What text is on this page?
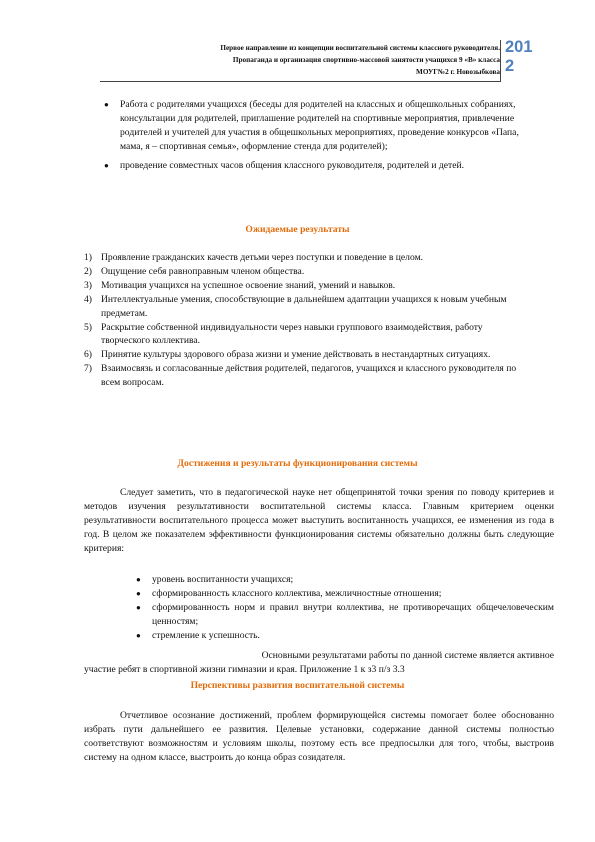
Первое направление из концепции воспитательной системы классного руководителя.
Пропаганда и организация спортивно-массовой занятости учащихся 9 «В» класса
МОУГ№2 г. Новозыбкова
201
2
● Работа с родителями учащихся (беседы для родителей на классных и общешкольных собраниях, консультации для родителей, приглашение родителей на спортивные мероприятия, привлечение родителей и учителей для участия в общешкольных мероприятиях, проведение конкурсов «Папа, мама, я – спортивная семья», оформление стенда для родителей);
● проведение совместных часов общения классного руководителя, родителей и детей.
Ожидаемые результаты
1) Проявление гражданских качеств детьми через поступки и поведение в целом.
2) Ощущение себя равноправным членом общества.
3) Мотивация учащихся на успешное освоение знаний, умений и навыков.
4) Интеллектуальные умения, способствующие в дальнейшем адаптации учащихся к новым учебным предметам.
5) Раскрытие собственной индивидуальности через навыки группового взаимодействия, работу творческого коллектива.
6) Принятие культуры здорового образа жизни и умение действовать в нестандартных ситуациях.
7) Взаимосвязь и согласованные действия родителей, педагогов, учащихся и классного руководителя по всем вопросам.
Достижения и результаты функционирования системы

Следует заметить, что в педагогической науке нет общепринятой точки зрения по поводу критериев и методов изучения результативности воспитательной системы класса. Главным критерием оценки результативности воспитательного процесса может выступить воспитанность учащихся, ее изменения из года в год. В целом же показателем эффективности функционирования системы обязательно должны быть следующие критерия:

● уровень воспитанности учащихся;
● сформированность классного коллектива, межличностные отношения;
● сформированность норм и правил внутри коллектива, не противоречащих общечеловеческим ценностям;
● стремление к успешность.

Основными результатами работы по данной системе является активное

участие ребят в спортивной жизни гимназии и края. Приложение 1 к з3 п/з 3.3

Перспективы развития воспитательной системы

Отчетливое осознание достижений, проблем формирующейся системы помогает более обоснованно избрать пути дальнейшего ее развития. Целевые установки, содержание данной системы полностью соответствуют возможностям и условиям школы, поэтому есть все предпосылки для того, чтобы, выстроив систему на одном классе, выстроить до конца образ созидателя.
